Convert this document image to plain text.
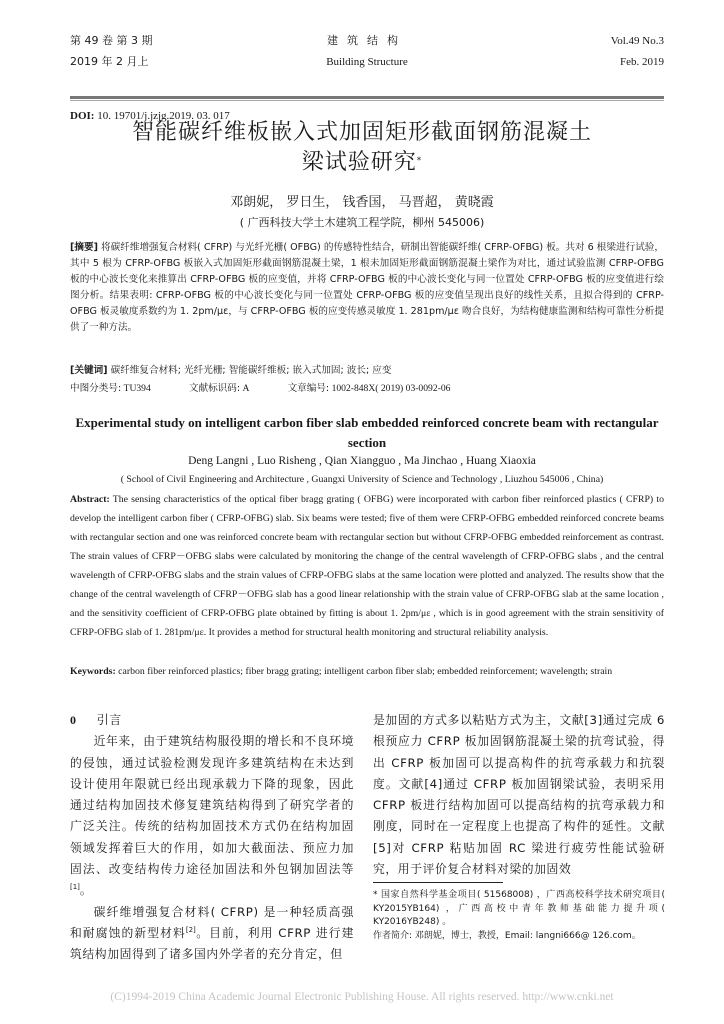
第 49 卷 第 3 期	建筑结构	Vol.49 No.3
2019 年 2 月上	Building Structure	Feb. 2019
DOI: 10. 19701/j.jzjg.2019. 03. 017
智能碳纤维板嵌入式加固矩形截面钢筋混凝土
梁试验研究*
邓朗妮， 罗日生， 钱香国， 马晋超， 黄晓霞
( 广西科技大学土木建筑工程学院，柳州 545006)
[摘要] 将碳纤维增强复合材料( CFRP) 与光纤光栅( OFBG) 的传感特性结合，研制出智能碳纤维( CFRP-OFBG) 板。共对 6 根梁进行试验，其中 5 根为 CFRP-OFBG 板嵌入式加固矩形截面钢筋混凝土梁，1 根未加固矩形截面钢筋混凝土梁作为对比，通过试验监测 CFRP-OFBG 板的中心波长变化来推算出 CFRP-OFBG 板的应变值，并将 CFRP-OFBG 板的中心波长变化与同一位置处 CFRP-OFBG 板的应变值进行绘图分析。结果表明: CFRP-OFBG 板的中心波长变化与同一位置处 CFRP-OFBG 板的应变值呈现出良好的线性关系，且拟合得到的 CFRP-OFBG 板灵敏度系数约为 1. 2pm/με，与 CFRP-OFBG 板的应变传感灵敏度 1. 281pm/με 吻合良好，为结构健康监测和结构可靠性分析提供了一种方法。
[关键词] 碳纤维复合材料; 光纤光栅; 智能碳纤维板; 嵌入式加固; 波长; 应变
中图分类号: TU394	文献标识码: A	文章编号: 1002-848X( 2019) 03-0092-06
Experimental study on intelligent carbon fiber slab embedded reinforced concrete beam with rectangular section
Deng Langni , Luo Risheng , Qian Xiangguo , Ma Jinchao , Huang Xiaoxia
( School of Civil Engineering and Architecture , Guangxi University of Science and Technology , Liuzhou 545006 , China)
Abstract: The sensing characteristics of the optical fiber bragg grating ( OFBG) were incorporated with carbon fiber reinforced plastics ( CFRP) to develop the intelligent carbon fiber ( CFRP-OFBG) slab. Six beams were tested; five of them were CFRP-OFBG embedded reinforced concrete beams with rectangular section and one was reinforced concrete beam with rectangular section but without CFRP-OFBG embedded reinforcement as contrast. The strain values of CFRP－OFBG slabs were calculated by monitoring the change of the central wavelength of CFRP-OFBG slabs , and the central wavelength of CFRP-OFBG slabs and the strain values of CFRP-OFBG slabs at the same location were plotted and analyzed. The results show that the change of the central wavelength of CFRP－OFBG slab has a good linear relationship with the strain value of CFRP-OFBG slab at the same location , and the sensitivity coefficient of CFRP-OFBG plate obtained by fitting is about 1. 2pm/με , which is in good agreement with the strain sensitivity of CFRP-OFBG slab of 1. 281pm/με. It provides a method for structural health monitoring and structural reliability analysis.
Keywords: carbon fiber reinforced plastics; fiber bragg grating; intelligent carbon fiber slab; embedded reinforcement; wavelength; strain
0 引言
近年来，由于建筑结构服役期的增长和不良环境的侵蚀，通过试验检测发现许多建筑结构在未达到设计使用年限就已经出现承载力下降的现象，因此通过结构加固技术修复建筑结构得到了研究学者的广泛关注。传统的结构加固技术方式仍在结构加固领域发挥着巨大的作用，如加大截面法、预应力加固法、改变结构传力途径加固法和外包钢加固法等[1]。
碳纤维增强复合材料( CFRP) 是一种轻质高强和耐腐蚀的新型材料[2]。目前，利用 CFRP 进行建筑结构加固得到了诸多国内外学者的充分肯定，但
是加固的方式多以粘贴方式为主，文献[3]通过完成 6 根预应力 CFRP 板加固钢筋混凝土梁的抗弯试验，得出 CFRP 板加固可以提高构件的抗弯承载力和抗裂度。文献[4]通过 CFRP 板加固钢梁试验，表明采用 CFRP 板进行结构加固可以提高结构的抗弯承载力和刚度，同时在一定程度上也提高了构件的延性。文献[5]对 CFRP 粘贴加固 RC 梁进行疲劳性能试验研究，用于评价复合材料对梁的加固效
* 国家自然科学基金项目( 51568008) ，广西高校科学技术研究项目( KY2015YB164) ，广西高校中青年教师基础能力提升项( KY2016YB248) 。
作者简介: 邓朗妮，博士，教授，Email: langni666@ 126.com。
(C)1994-2019 China Academic Journal Electronic Publishing House. All rights reserved. http://www.cnki.net
